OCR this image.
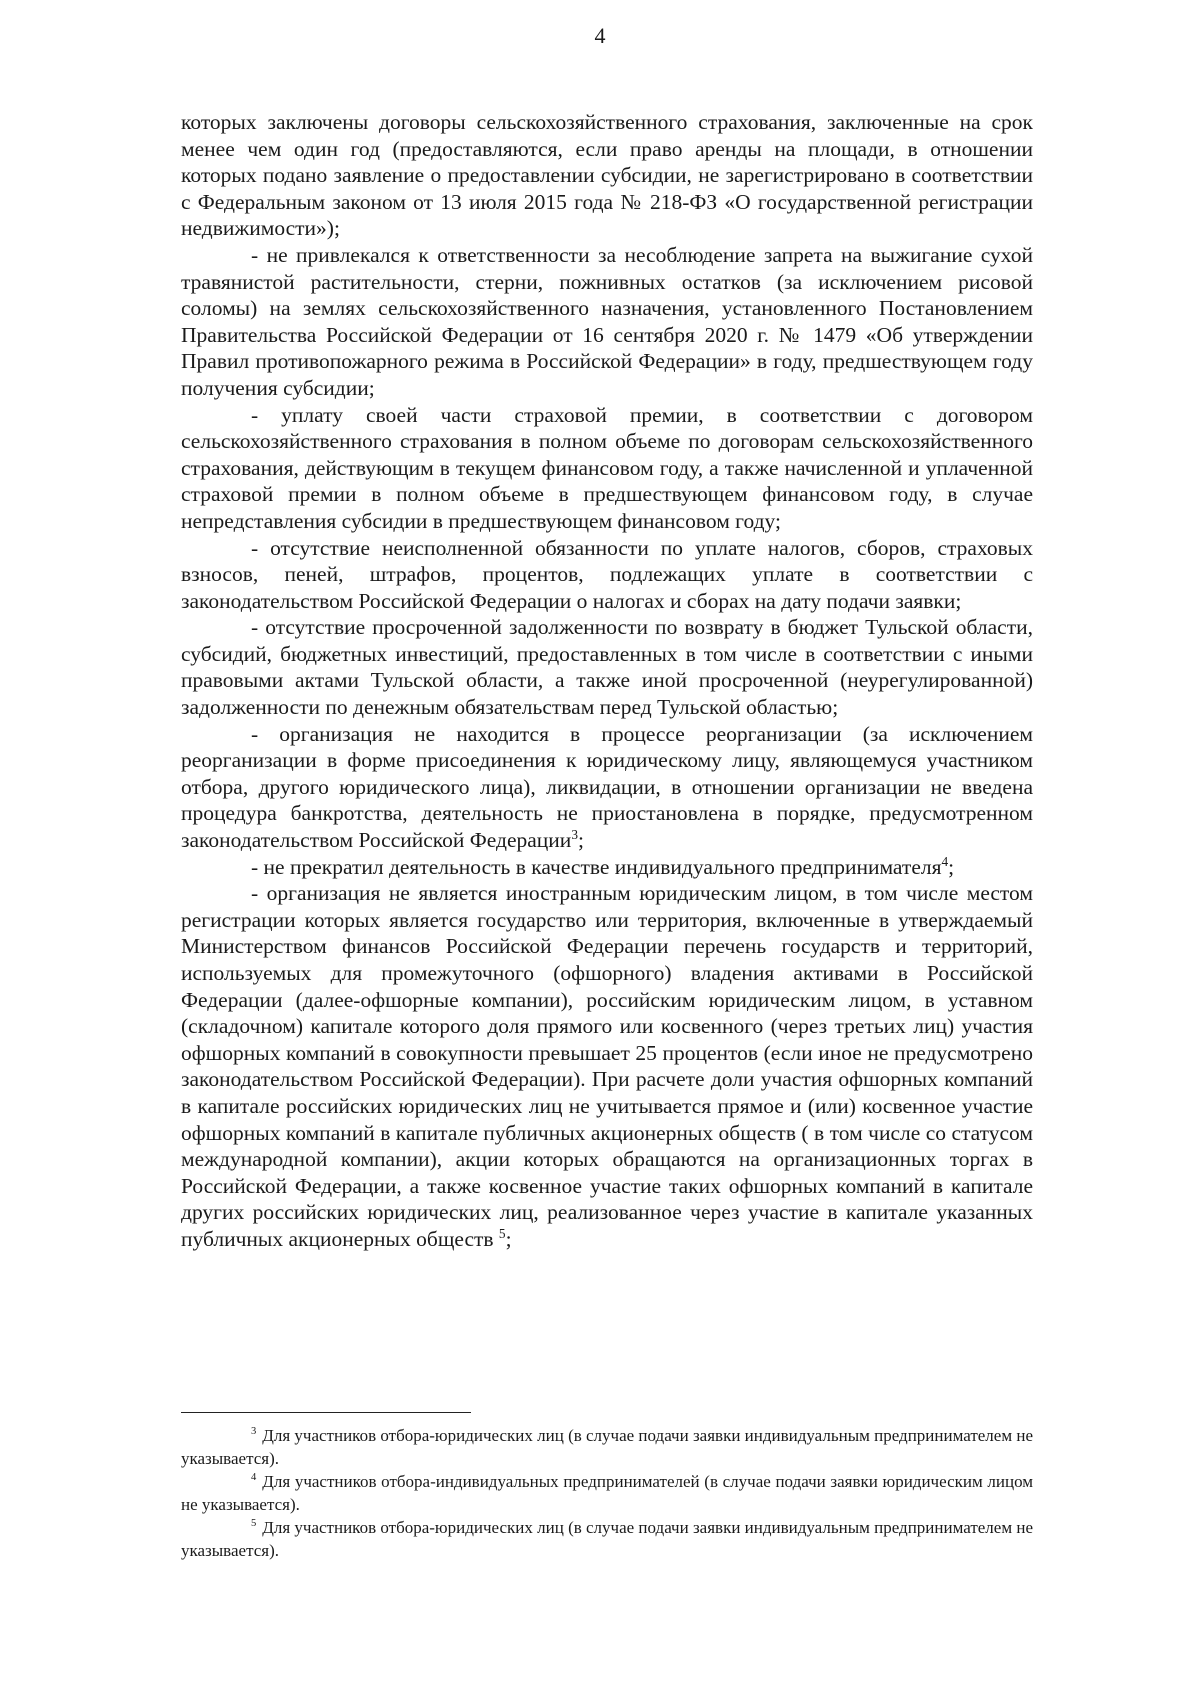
4

которых заключены договоры сельскохозяйственного страхования, заключенные на срок менее чем один год (предоставляются, если право аренды на площади, в отношении которых подано заявление о предоставлении субсидии, не зарегистрировано в соответствии с Федеральным законом от 13 июля 2015 года № 218-ФЗ «О государственной регистрации недвижимости»);

- не привлекался к ответственности за несоблюдение запрета на выжигание сухой травянистой растительности, стерни, пожнивных остатков (за исключением рисовой соломы) на землях сельскохозяйственного назначения, установленного Постановлением Правительства Российской Федерации от 16 сентября 2020 г. № 1479 «Об утверждении Правил противопожарного режима в Российской Федерации» в году, предшествующем году получения субсидии;

- уплату своей части страховой премии, в соответствии с договором сельскохозяйственного страхования в полном объеме по договорам сельскохозяйственного страхования, действующим в текущем финансовом году, а также начисленной и уплаченной страховой премии в полном объеме в предшествующем финансовом году, в случае непредставления субсидии в предшествующем финансовом году;

- отсутствие неисполненной обязанности по уплате налогов, сборов, страховых взносов, пеней, штрафов, процентов, подлежащих уплате в соответствии с законодательством Российской Федерации о налогах и сборах на дату подачи заявки;

- отсутствие просроченной задолженности по возврату в бюджет Тульской области, субсидий, бюджетных инвестиций, предоставленных в том числе в соответствии с иными правовыми актами Тульской области, а также иной просроченной (неурегулированной) задолженности по денежным обязательствам перед Тульской областью;

- организация не находится в процессе реорганизации (за исключением реорганизации в форме присоединения к юридическому лицу, являющемуся участником отбора, другого юридического лица), ликвидации, в отношении организации не введена процедура банкротства, деятельность не приостановлена в порядке, предусмотренном законодательством Российской Федерации$^3$;

- не прекратил деятельность в качестве индивидуального предпринимателя$^4$;

- организация не является иностранным юридическим лицом, в том числе местом регистрации которых является государство или территория, включенные в утверждаемый Министерством финансов Российской Федерации перечень государств и территорий, используемых для промежуточного (офшорного) владения активами в Российской Федерации (далее-офшорные компании), российским юридическим лицом, в уставном (складочном) капитале которого доля прямого или косвенного (через третьих лиц) участия офшорных компаний в совокупности превышает 25 процентов (если иное не предусмотрено законодательством Российской Федерации). При расчете доли участия офшорных компаний в капитале российских юридических лиц не учитывается прямое и (или) косвенное участие офшорных компаний в капитале публичных акционерных обществ ( в том числе со статусом международной компании), акции которых обращаются на организационных торгах в Российской Федерации, а также косвенное участие таких офшорных компаний в капитале других российских юридических лиц, реализованное через участие в капитале указанных публичных акционерных обществ $^5$;

$^3$ Для участников отбора-юридических лиц (в случае подачи заявки индивидуальным предпринимателем не указывается).

$^4$ Для участников отбора-индивидуальных предпринимателей (в случае подачи заявки юридическим лицом не указывается).

$^5$ Для участников отбора-юридических лиц (в случае подачи заявки индивидуальным предпринимателем не указывается).
